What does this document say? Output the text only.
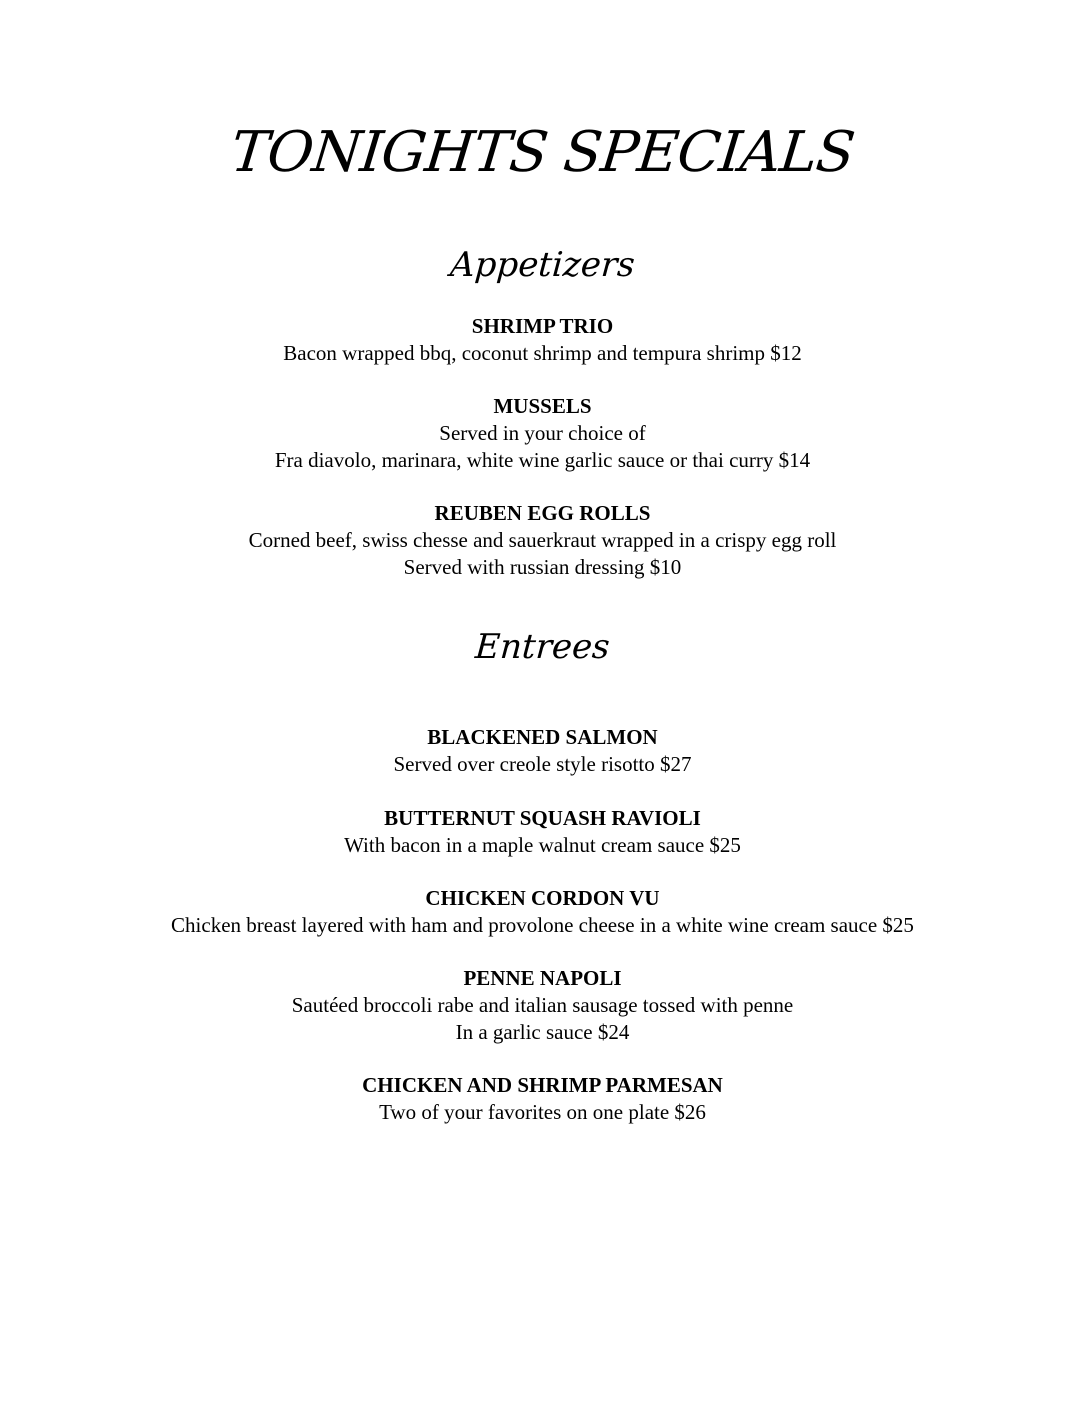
TONIGHTS SPECIALS
Appetizers
SHRIMP TRIO
Bacon wrapped bbq, coconut shrimp and tempura shrimp $12
MUSSELS
Served in your choice of
Fra diavolo, marinara, white wine garlic sauce or thai curry $14
REUBEN EGG ROLLS
Corned beef, swiss chesse and sauerkraut wrapped in a crispy egg roll
Served with russian dressing $10
Entrees
BLACKENED SALMON
Served over creole style risotto $27
BUTTERNUT SQUASH RAVIOLI
With bacon in a maple walnut cream sauce $25
CHICKEN CORDON VU
Chicken breast layered with ham and provolone cheese in a white wine cream sauce $25
PENNE NAPOLI
Sautéed broccoli rabe and italian sausage tossed with penne
In a garlic sauce $24
CHICKEN AND SHRIMP PARMESAN
Two of your favorites on one plate $26
